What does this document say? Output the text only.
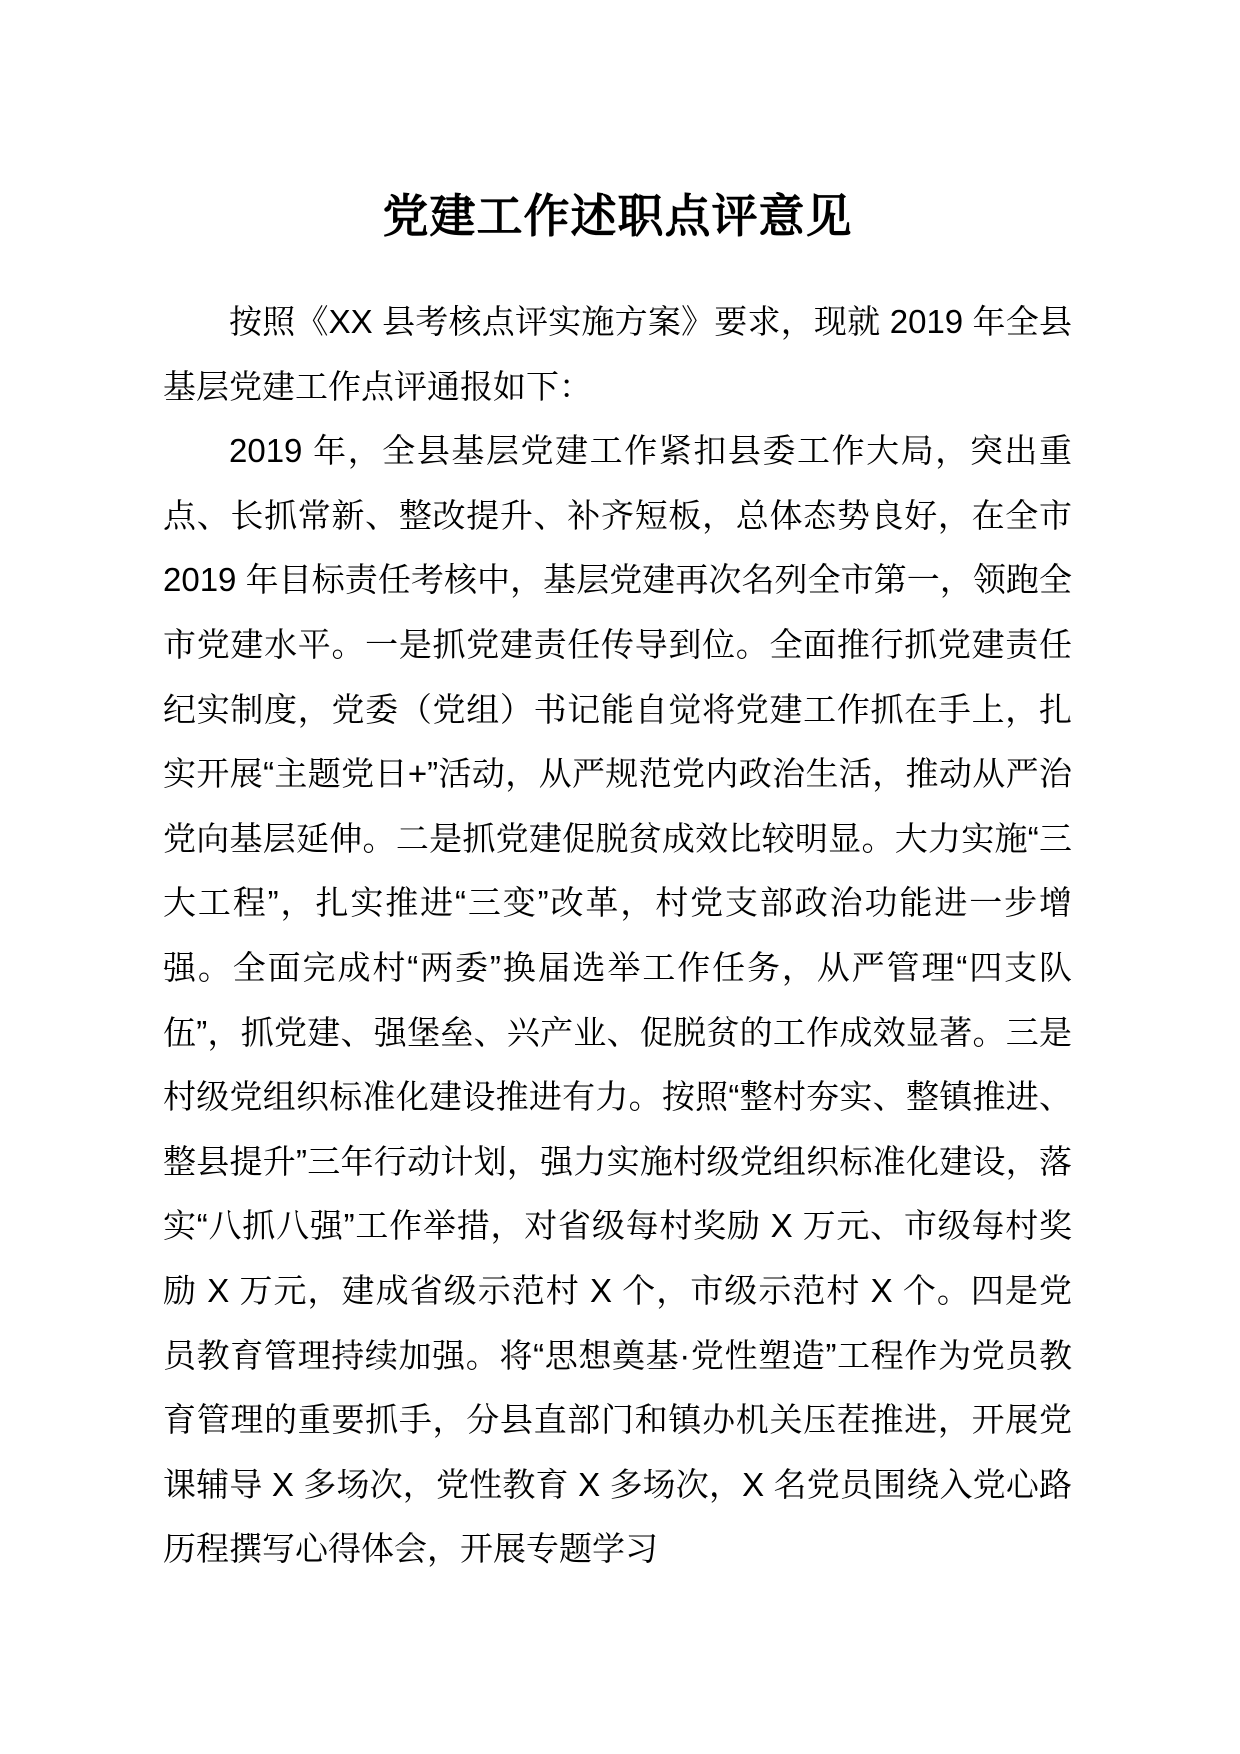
党建工作述职点评意见

按照《XX 县考核点评实施方案》要求，现就 2019 年全县基层党建工作点评通报如下：

2019 年，全县基层党建工作紧扣县委工作大局，突出重点、长抓常新、整改提升、补齐短板，总体态势良好，在全市 2019 年目标责任考核中，基层党建再次名列全市第一，领跑全市党建水平。一是抓党建责任传导到位。全面推行抓党建责任纪实制度，党委（党组）书记能自觉将党建工作抓在手上，扎实开展“主题党日+”活动，从严规范党内政治生活，推动从严治党向基层延伸。二是抓党建促脱贫成效比较明显。大力实施“三大工程”，扎实推进“三变”改革，村党支部政治功能进一步增强。全面完成村“两委”换届选举工作任务，从严管理“四支队伍”，抓党建、强堡垒、兴产业、促脱贫的工作成效显著。三是村级党组织标准化建设推进有力。按照“整村夯实、整镇推进、整县提升”三年行动计划，强力实施村级党组织标准化建设，落实“八抓八强”工作举措，对省级每村奖励 X 万元、市级每村奖励 X 万元，建成省级示范村 X 个，市级示范村 X 个。四是党员教育管理持续加强。将“思想奠基·党性塑造”工程作为党员教育管理的重要抓手，分县直部门和镇办机关压茬推进，开展党课辅导 X 多场次，党性教育 X 多场次，X 名党员围绕入党心路历程撰写心得体会，开展专题学习
